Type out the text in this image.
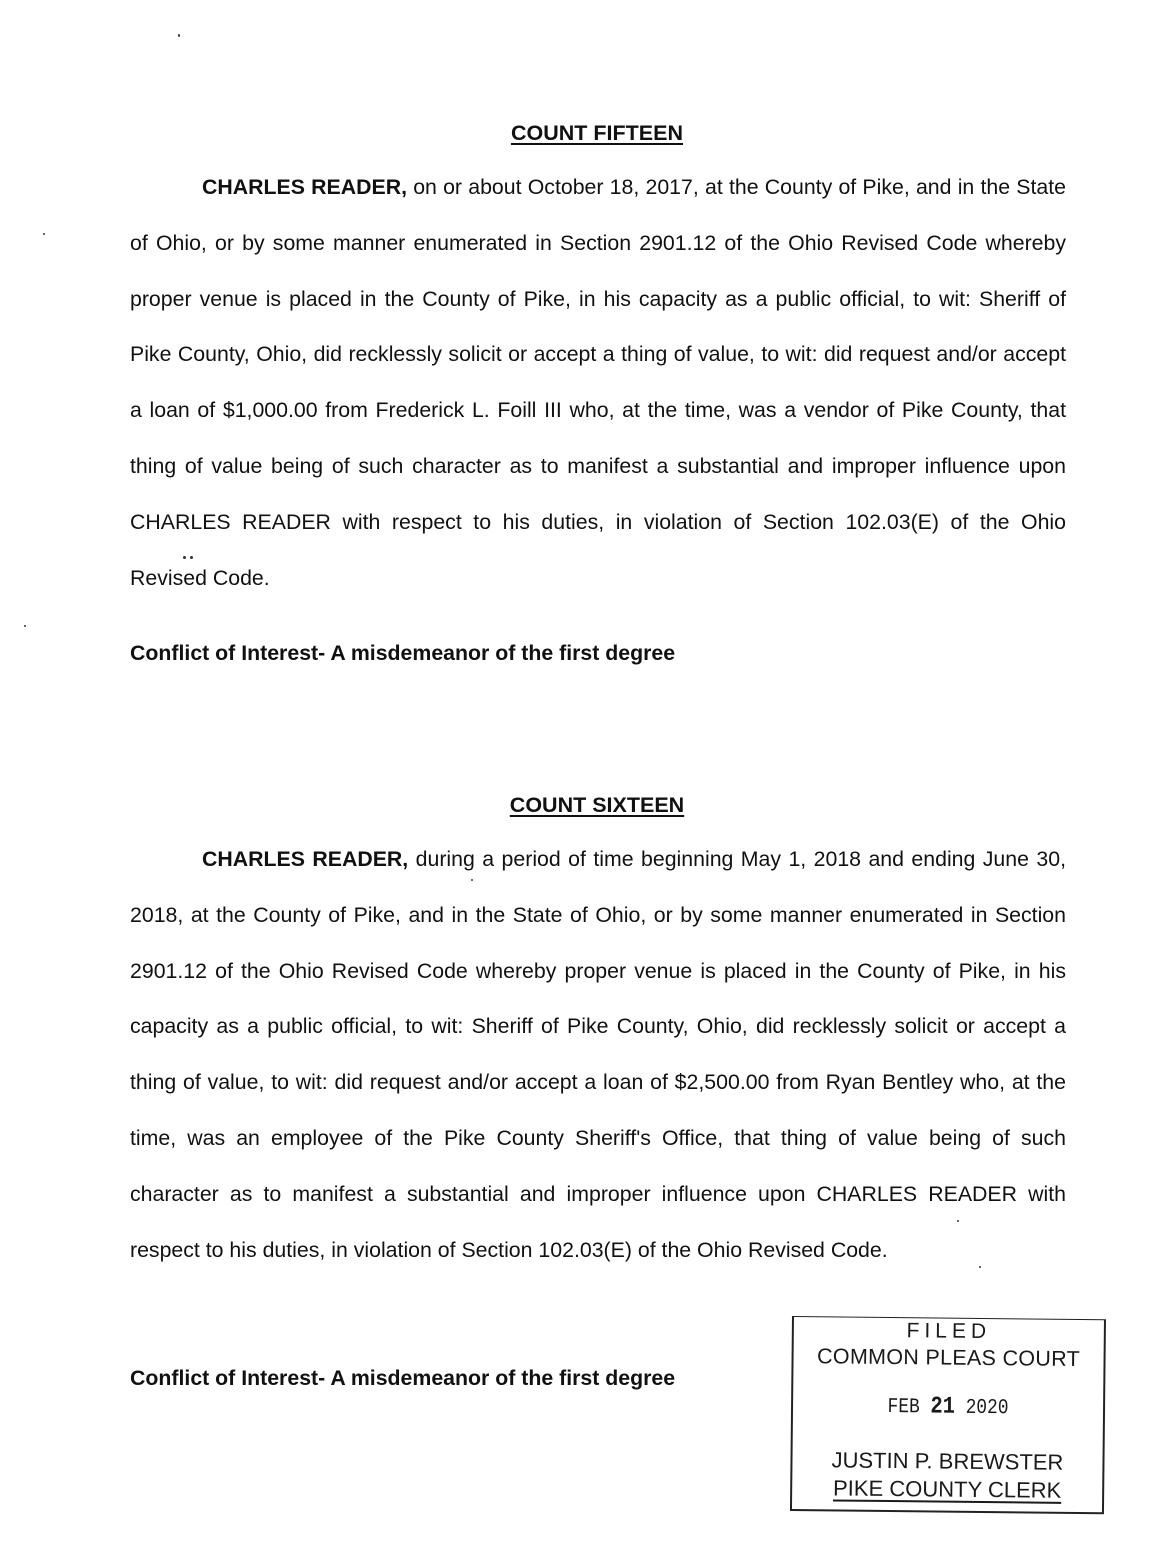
COUNT FIFTEEN

CHARLES READER, on or about October 18, 2017, at the County of Pike, and in the State of Ohio, or by some manner enumerated in Section 2901.12 of the Ohio Revised Code whereby proper venue is placed in the County of Pike, in his capacity as a public official, to wit: Sheriff of Pike County, Ohio, did recklessly solicit or accept a thing of value, to wit: did request and/or accept a loan of $1,000.00 from Frederick L. Foill III who, at the time, was a vendor of Pike County, that thing of value being of such character as to manifest a substantial and improper influence upon CHARLES READER with respect to his duties, in violation of Section 102.03(E) of the Ohio Revised Code.

Conflict of Interest- A misdemeanor of the first degree

COUNT SIXTEEN

CHARLES READER, during a period of time beginning May 1, 2018 and ending June 30, 2018, at the County of Pike, and in the State of Ohio, or by some manner enumerated in Section 2901.12 of the Ohio Revised Code whereby proper venue is placed in the County of Pike, in his capacity as a public official, to wit: Sheriff of Pike County, Ohio, did recklessly solicit or accept a thing of value, to wit: did request and/or accept a loan of $2,500.00 from Ryan Bentley who, at the time, was an employee of the Pike County Sheriff's Office, that thing of value being of such character as to manifest a substantial and improper influence upon CHARLES READER with respect to his duties, in violation of Section 102.03(E) of the Ohio Revised Code.

Conflict of Interest- A misdemeanor of the first degree

FILED
COMMON PLEAS COURT
FEB 21 2020
JUSTIN P. BREWSTER
PIKE COUNTY CLERK
